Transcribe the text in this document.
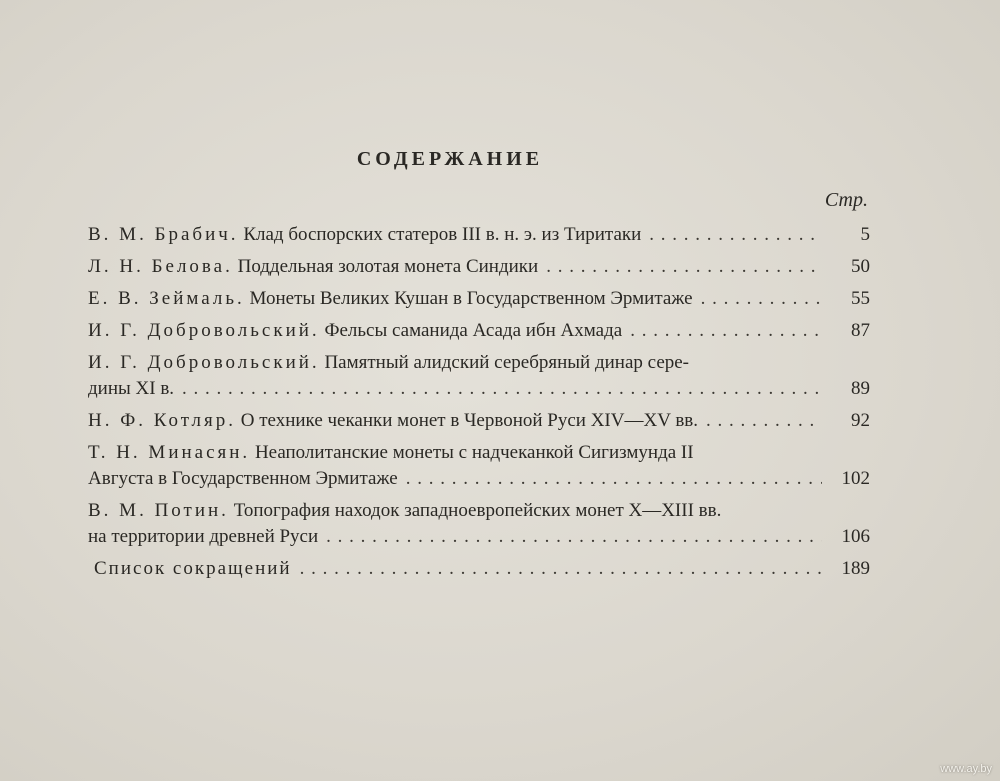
СОДЕРЖАНИЕ
Стр.
В. М. Брабич. Клад боспорских статеров III в. н. э. из Тиритаки . . .	5
Л. Н. Белова. Поддельная золотая монета Синдики . . .	50
Е. В. Зеймаль. Монеты Великих Кушан в Государственном Эрмитаже . . .	55
И. Г. Добровольский. Фельсы саманида Асада ибн Ахмада . . .	87
И. Г. Добровольский. Памятный алидский серебряный динар сере-
дины XI в. . . .	89
Н. Ф. Котляр. О технике чеканки монет в Червоной Руси XIV—XV вв. . . .	92
Т. Н. Минасян. Неаполитанские монеты с надчеканкой Сигизмунда II
Августа в Государственном Эрмитаже . . .	102
В. М. Потин. Топография находок западноевропейских монет X—XIII вв.
на территории древней Руси . . .	106
Список сокращений . . .	189
www.ay.by
